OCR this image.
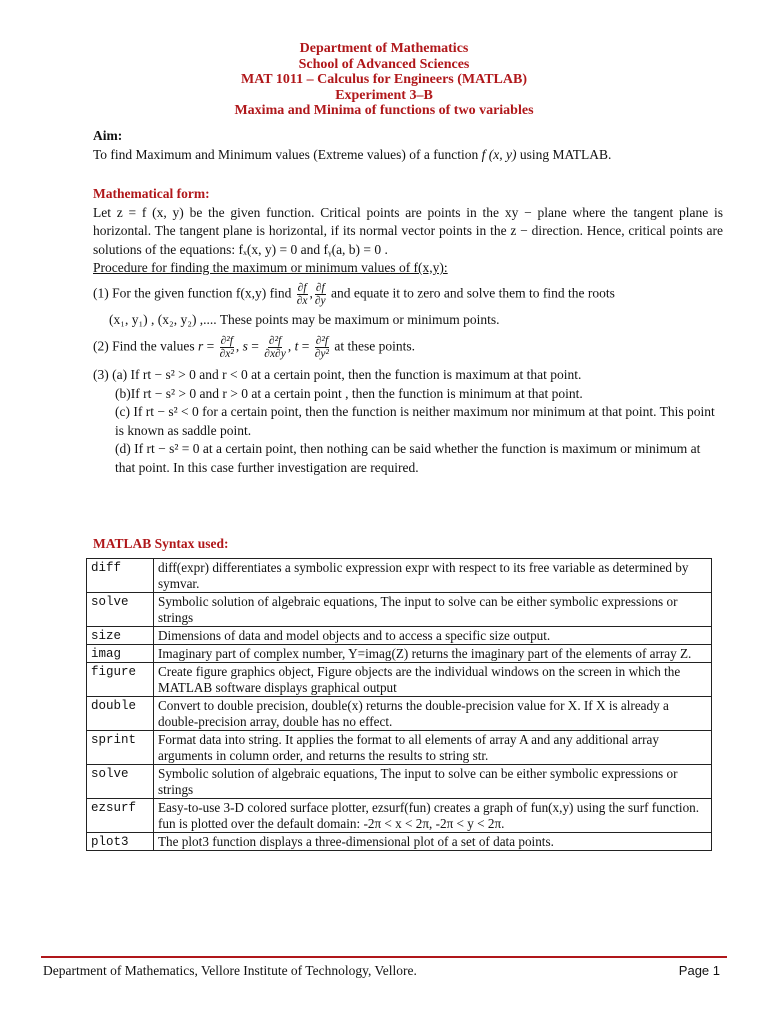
Department of Mathematics
School of Advanced Sciences
MAT 1011 – Calculus for Engineers (MATLAB)
Experiment 3–B
Maxima and Minima of functions of two variables
Aim:
To find Maximum and Minimum values (Extreme values) of a function f (x, y) using MATLAB.
Mathematical form:
Let z = f (x, y) be the given function. Critical points are points in the xy − plane where the tangent plane is horizontal. The tangent plane is horizontal, if its normal vector points in the z − direction. Hence, critical points are solutions of the equations: fₓ(x, y) = 0 and fᵧ(a, b) = 0 .
Procedure for finding the maximum or minimum values of f(x,y):
(1) For the given function f(x,y) find $\frac{\partial f}{\partial x}$ , $\frac{\partial f}{\partial y}$ and equate it to zero and solve them to find the roots
(x₁, y₁) , (x₂, y₂) ,.... These points may be maximum or minimum points.
(2) Find the values $r = \frac{\text{∂²f}}{\text{∂x²}}$ , $s = \frac{\text{∂²f}}{\partial x\partial y}$ , $t = \frac{\text{∂²f}}{\text{∂y²}}$ at these points.
(3) (a) If rt − s² > 0 and r < 0 at a certain point, then the function is maximum at that point.
(b)If rt − s² > 0 and r > 0 at a certain point , then the function is minimum at that point.
(c) If rt − s² < 0 for a certain point, then the function is neither maximum nor minimum at that point. This point is known as saddle point.
(d) If rt − s² = 0 at a certain point, then nothing can be said whether the function is maximum or minimum at that point. In this case further investigation are required.
MATLAB Syntax used:
diff	diff(expr) differentiates a symbolic expression expr with respect to its free variable as determined by symvar.
solve	Symbolic solution of algebraic equations, The input to solve can be either symbolic expressions or strings
size	Dimensions of data and model objects and to access a specific size output.
imag	Imaginary part of complex number, Y=imag(Z) returns the imaginary part of the elements of array Z.
figure	Create figure graphics object, Figure objects are the individual windows on the screen in which the MATLAB software displays graphical output
double	Convert to double precision, double(x) returns the double-precision value for X. If X is already a double-precision array, double has no effect.
sprint	Format data into string. It applies the format to all elements of array A and any additional array arguments in column order, and returns the results to string str.
solve	Symbolic solution of algebraic equations, The input to solve can be either symbolic expressions or strings
ezsurf	Easy-to-use 3-D colored surface plotter, ezsurf(fun) creates a graph of fun(x,y) using the surf function. fun is plotted over the default domain: -2π < x < 2π, -2π < y < 2π.
plot3	The plot3 function displays a three-dimensional plot of a set of data points.
Department of Mathematics, Vellore Institute of Technology, Vellore.	Page 1
